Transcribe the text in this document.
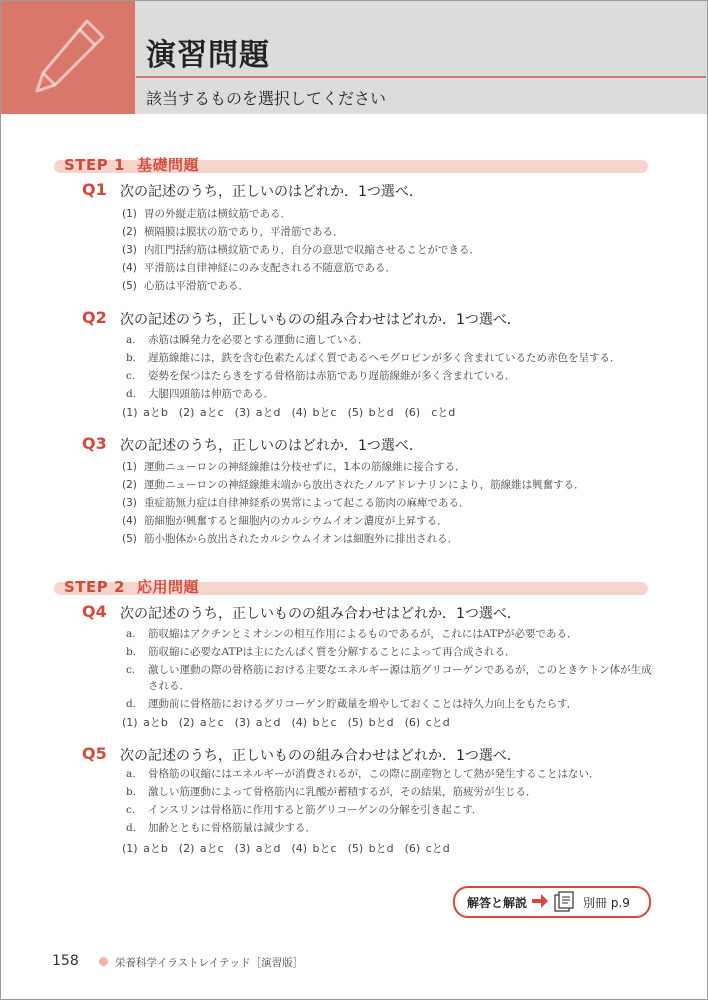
演習問題
該当するものを選択してください
STEP 1 基礎問題
Q1 次の記述のうち，正しいのはどれか．1つ選べ．
(1) 胃の外縦走筋は横紋筋である．
(2) 横隔膜は膜状の筋であり，平滑筋である．
(3) 内肛門括約筋は横紋筋であり，自分の意思で収縮させることができる．
(4) 平滑筋は自律神経にのみ支配される不随意筋である．
(5) 心筋は平滑筋である．
Q2 次の記述のうち，正しいものの組み合わせはどれか．1つ選べ．
a. 赤筋は瞬発力を必要とする運動に適している．
b. 遅筋線維には，鉄を含む色素たんぱく質であるヘモグロビンが多く含まれているため赤色を呈する．
c. 姿勢を保つはたらきをする骨格筋は赤筋であり遅筋線維が多く含まれている．
d. 大腿四頭筋は伸筋である．
(1) aとb　(2) aとc　(3) aとd　(4) bとc　(5) bとd　(6)　cとd
Q3 次の記述のうち，正しいのはどれか．1つ選べ．
(1) 運動ニューロンの神経線維は分枝せずに，1本の筋線維に接合する．
(2) 運動ニューロンの神経線維末端から放出されたノルアドレナリンにより，筋線維は興奮する．
(3) 重症筋無力症は自律神経系の異常によって起こる筋肉の麻痺である．
(4) 筋細胞が興奮すると細胞内のカルシウムイオン濃度が上昇する．
(5) 筋小胞体から放出されたカルシウムイオンは細胞外に排出される．
STEP 2 応用問題
Q4 次の記述のうち，正しいものの組み合わせはどれか．1つ選べ．
a. 筋収縮はアクチンとミオシンの相互作用によるものであるが，これにはATPが必要である．
b. 筋収縮に必要なATPは主にたんぱく質を分解することによって再合成される．
c. 激しい運動の際の骨格筋における主要なエネルギー源は筋グリコーゲンであるが，このときケトン体が生成
される．
d. 運動前に骨格筋におけるグリコーゲン貯蔵量を増やしておくことは持久力向上をもたらす．
(1) aとb　(2) aとc　(3) aとd　(4) bとc　(5) bとd　(6) cとd
Q5 次の記述のうち，正しいものの組み合わせはどれか．1つ選べ．
a. 骨格筋の収縮にはエネルギーが消費されるが，この際に副産物として熱が発生することはない．
b. 激しい筋運動によって骨格筋内に乳酸が蓄積するが，その結果，筋疲労が生じる．
c. インスリンは骨格筋に作用すると筋グリコーゲンの分解を引き起こす．
d. 加齢とともに骨格筋量は減少する．
(1) aとb　(2) aとc　(3) aとd　(4) bとc　(5) bとd　(6) cとd
解答と解説	別冊 p.9
158	栄養科学イラストレイテッド［演習版］
